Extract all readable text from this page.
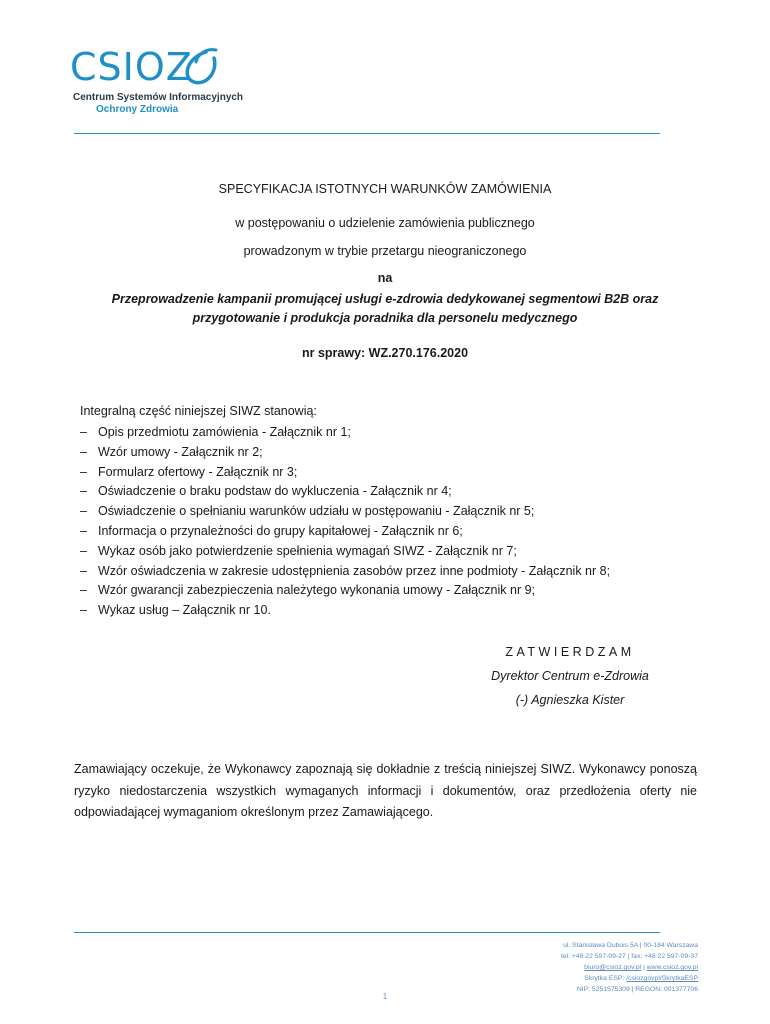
CSIOZ
Centrum Systemów Informacyjnych
Ochrony Zdrowia
SPECYFIKACJA ISTOTNYCH WARUNKÓW ZAMÓWIENIA
w postępowaniu o udzielenie zamówienia publicznego
prowadzonym w trybie przetargu nieograniczonego
na
Przeprowadzenie kampanii promującej usługi e-zdrowia dedykowanej segmentowi B2B oraz
przygotowanie i produkcja poradnika dla personelu medycznego
nr sprawy: WZ.270.176.2020

Integralną część niniejszej SIWZ stanowią:

– Opis przedmiotu zamówienia - Załącznik nr 1;
– Wzór umowy - Załącznik nr 2;
– Formularz ofertowy - Załącznik nr 3;
– Oświadczenie o braku podstaw do wykluczenia - Załącznik nr 4;
– Oświadczenie o spełnianiu warunków udziału w postępowaniu - Załącznik nr 5;
– Informacja o przynależności do grupy kapitałowej - Załącznik nr 6;
– Wykaz osób jako potwierdzenie spełnienia wymagań SIWZ - Załącznik nr 7;
– Wzór oświadczenia w zakresie udostępnienia zasobów przez inne podmioty - Załącznik nr 8;
– Wzór gwarancji zabezpieczenia należytego wykonania umowy - Załącznik nr 9;
– Wykaz usług – Załącznik nr 10.
ZATWIERDZAM
Dyrektor Centrum e-Zdrowia
(-) Agnieszka Kister
Zamawiający oczekuje, że Wykonawcy zapoznają się dokładnie z treścią niniejszej SIWZ. Wykonawcy ponoszą ryzyko niedostarczenia wszystkich wymaganych informacji i dokumentów, oraz przedłożenia oferty nie odpowiadającej wymaganiom określonym przez Zamawiającego.
ul. Stanisława Dubois 5A | 00-184 Warszawa
tel: +48 22 597-09-27 | fax: +48 22 597-09-37
biuro@csioz.gov.pl | www.csioz.gov.pl
Skrytka ESP: /csiozgovpl/SkrytkaESP
NIP: 5251575309 | REGON: 001377706
1
